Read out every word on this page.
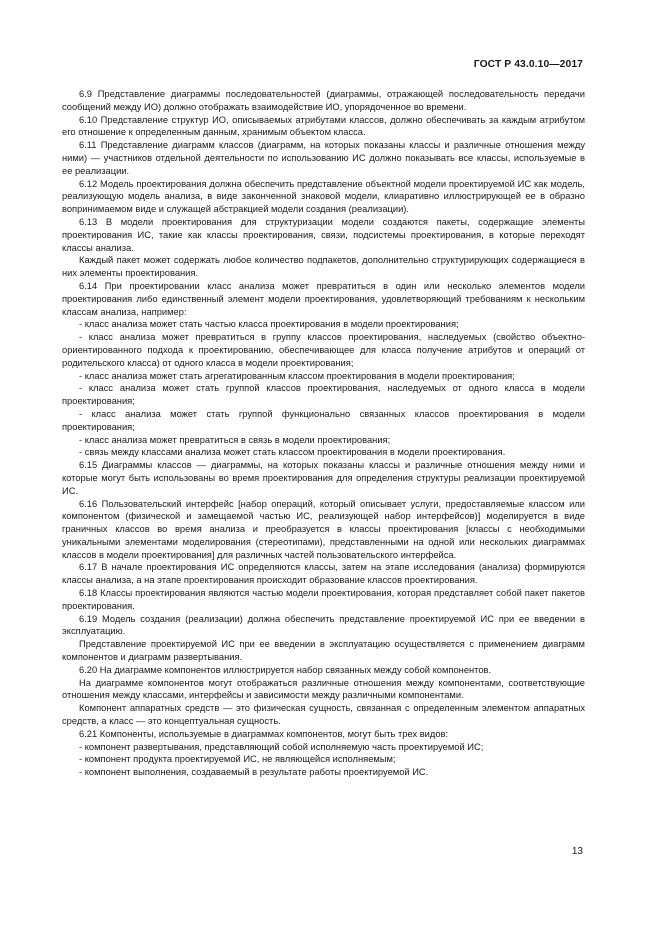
ГОСТ Р 43.0.10—2017

6.9 Представление диаграммы последовательностей (диаграммы, отражающей последовательность передачи сообщений между ИО) должно отображать взаимодействие ИО, упорядоченное во времени.

6.10 Представление структур ИО, описываемых атрибутами классов, должно обеспечивать за каждым атрибутом его отношение к определенным данным, хранимым объектом класса.

6.11 Представление диаграмм классов (диаграмм, на которых показаны классы и различные отношения между ними) — участников отдельной деятельности по использованию ИС должно показывать все классы, используемые в ее реализации.

6.12 Модель проектирования должна обеспечить представление объектной модели проектируемой ИС как модель, реализующую модель анализа, в виде законченной знаковой модели, клиаративно иллюстрирующей ее в образно вопринимаемом виде и служащей абстракцией модели создания (реализации).

6.13 В модели проектирования для структуризации модели создаются пакеты, содержащие элементы проектирования ИС, такие как классы проектирования, связи, подсистемы проектирования, в которые переходят классы анализа.

Каждый пакет может содержать любое количество подпакетов, дополнительно структурирующих содержащиеся в них элементы проектирования.

6.14 При проектировании класс анализа может превратиться в один или несколько элементов модели проектирования либо единственный элемент модели проектирования, удовлетворяющий требованиям к нескольким классам анализа, например:

- класс анализа может стать частью класса проектирования в модели проектирования;

- класс анализа может превратиться в группу классов проектирования, наследуемых (свойство объектно-ориентированного подхода к проектированию, обеспечивающее для класса получение атрибутов и операций от родительского класса) от одного класса в модели проектирования;

- класс анализа может стать агрегатированным классом проектирования в модели проектирования;

- класс анализа может стать группой классов проектирования, наследуемых от одного класса в модели проектирования;

- класс анализа может стать группой функционально связанных классов проектирования в модели проектирования;

- класс анализа может превратиться в связь в модели проектирования;

- связь между классами анализа может стать классом проектирования в модели проектирования.

6.15 Диаграммы классов — диаграммы, на которых показаны классы и различные отношения между ними и которые могут быть использованы во время проектирования для определения структуры реализации проектируемой ИС.

6.16 Пользовательский интерфейс [набор операций, который описывает услуги, предоставляемые классом или компонентом (физической и замещаемой частью ИС, реализующей набор интерфейсов)] моделируется в виде граничных классов во время анализа и преобразуется в классы проектирования [классы с необходимыми уникальными элементами моделирования (стереотипами), представленными на одной или нескольких диаграммах классов в модели проектирования] для различных частей пользовательского интерфейса.

6.17 В начале проектирования ИС определяются классы, затем на этапе исследования (анализа) формируются классы анализа, а на этапе проектирования происходит образование классов проектирования.

6.18 Классы проектирования являются частью модели проектирования, которая представляет собой пакет пакетов проектирования.

6.19 Модель создания (реализации) должна обеспечить представление проектируемой ИС при ее введении в эксплуатацию.

Представление проектируемой ИС при ее введении в эксплуатацию осуществляется с применением диаграмм компонентов и диаграмм развертывания.

6.20 На диаграмме компонентов иллюстрируется набор связанных между собой компонентов.

На диаграмме компонентов могут отображаться различные отношения между компонентами, соответствующие отношения между классами, интерфейсы и зависимости между различными компонентами.

Компонент аппаратных средств — это физическая сущность, связанная с определенным элементом аппаратных средств, а класс — это концептуальная сущность.

6.21 Компоненты, используемые в диаграммах компонентов, могут быть трех видов:

- компонент развертывания, представляющий собой исполняемую часть проектируемой ИС;

- компонент продукта проектируемой ИС, не являющейся исполняемым;

- компонент выполнения, создаваемый в результате работы проектируемой ИС.

13
